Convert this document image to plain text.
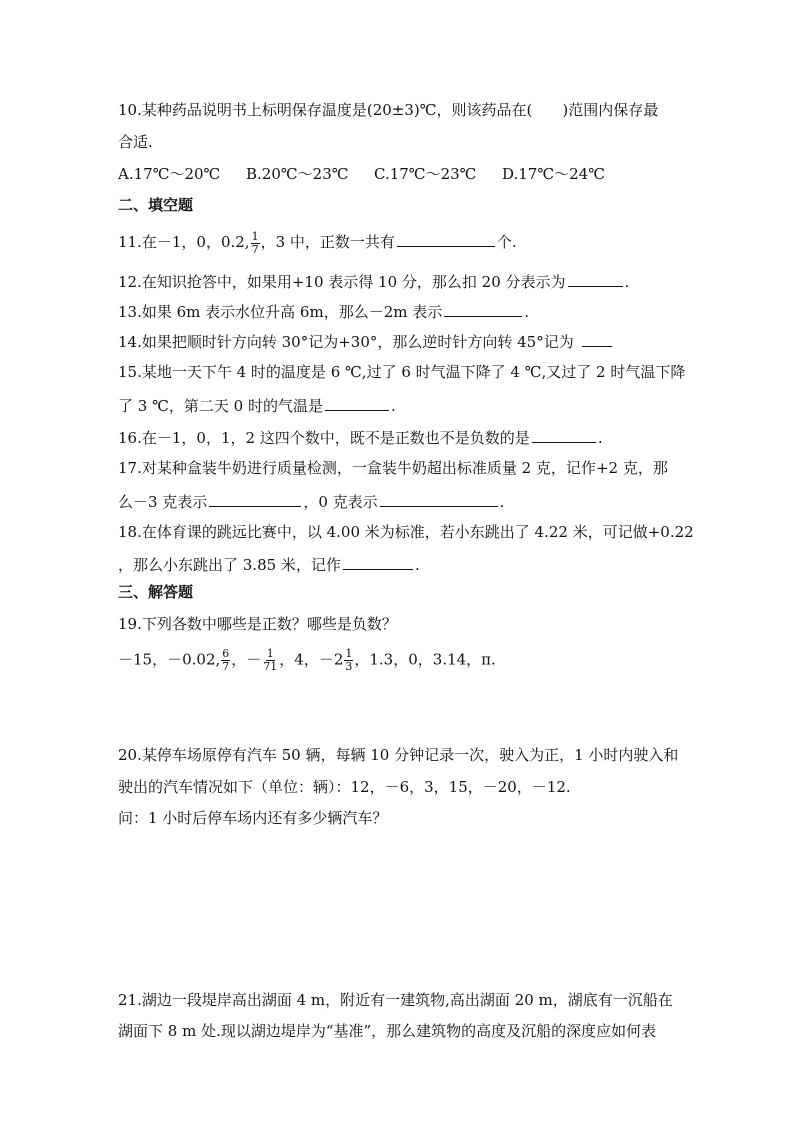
10.某种药品说明书上标明保存温度是(20±3)℃，则该药品在(　　)范围内保存最
合适.
A.17℃～20℃ B.20℃～23℃ C.17℃～23℃ D.17℃～24℃
二、填空题
11.在－1，0，0.2, $\frac{1}{7}$ ，3 中，正数一共有	个.
12.在知识抢答中，如果用+10 表示得 10 分，那么扣 20 分表示为	.
13.如果 6m 表示水位升高 6m，那么－2m 表示	.
14.如果把顺时针方向转 30°记为+30°，那么逆时针方向转 45°记为
15.某地一天下午 4 时的温度是 6 ℃,过了 6 时气温下降了 4 ℃,又过了 2 时气温下降
了 3 ℃，第二天 0 时的气温是	.
16.在－1，0，1，2 这四个数中，既不是正数也不是负数的是	.
17.对某种盒装牛奶进行质量检测，一盒装牛奶超出标准质量 2 克，记作+2 克，那
么－3 克表示	，0 克表示	.
18.在体育课的跳远比赛中，以 4.00 米为标准，若小东跳出了 4.22 米，可记做+0.22
，那么小东跳出了 3.85 米，记作	.
三、解答题
19.下列各数中哪些是正数？哪些是负数？
－15，－0.02, $\frac{6}{7}$ ，－ $\frac{1}{71}$ ，4，$-2 \frac{1}{3}$ ，1.3，0，3.14，π.
20.某停车场原停有汽车 50 辆，每辆 10 分钟记录一次，驶入为正，1 小时内驶入和
驶出的汽车情况如下（单位：辆）：12，－6，3，15，－20，－12.
问：1 小时后停车场内还有多少辆汽车？
21.湖边一段堤岸高出湖面 4 m，附近有一建筑物,高出湖面 20 m，湖底有一沉船在
湖面下 8 m 处.现以湖边堤岸为“基准”，那么建筑物的高度及沉船的深度应如何表
